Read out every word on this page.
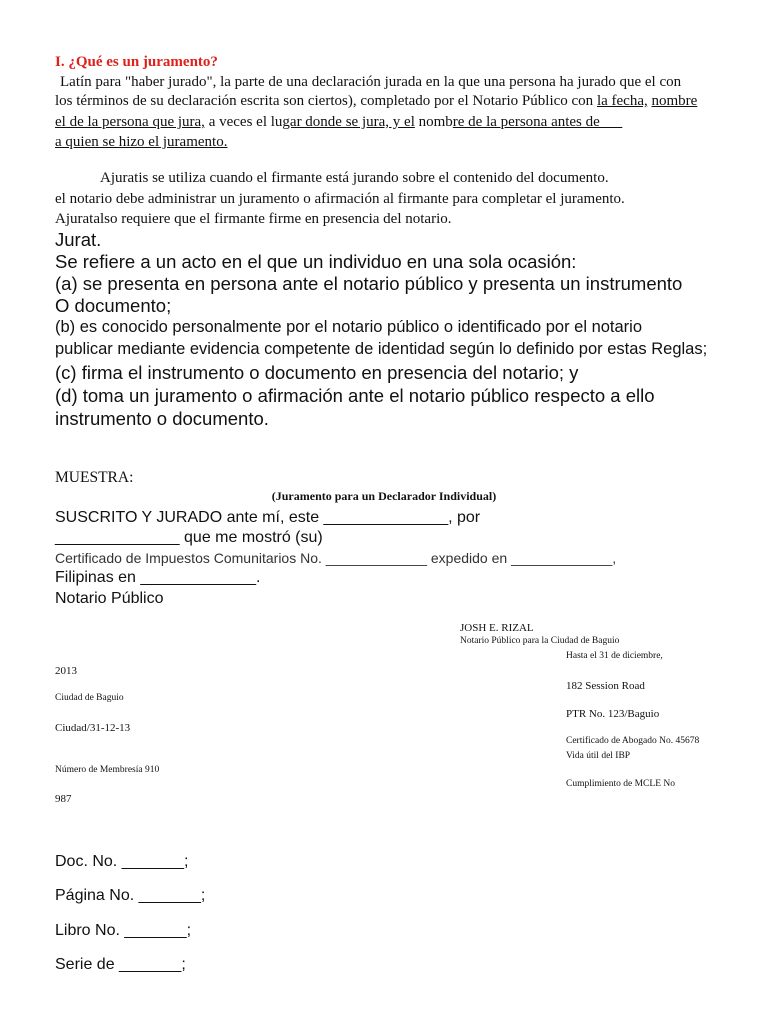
I. ¿Qué es un juramento?
Latín para "haber jurado", la parte de una declaración jurada en la que una persona ha jurado que el con
los términos de su declaración escrita son ciertos), completado por el Notario Público con la fecha, nombre
el de la persona que jura, a veces el lugar donde se jura, y el nombre de la persona antes de
a quien se hizo el juramento.
Ajuratis se utiliza cuando el firmante está jurando sobre el contenido del documento.
el notario debe administrar un juramento o afirmación al firmante para completar el juramento.
Ajuratalso requiere que el firmante firme en presencia del notario.
Jurat.
Se refiere a un acto en el que un individuo en una sola ocasión:
(a) se presenta en persona ante el notario público y presenta un instrumento
O documento;
(b) es conocido personalmente por el notario público o identificado por el notario
publicar mediante evidencia competente de identidad según lo definido por estas Reglas;
(c) firma el instrumento o documento en presencia del notario; y
(d) toma un juramento o afirmación ante el notario público respecto a ello
instrumento o documento.
MUESTRA:
(Juramento para un Declarador Individual)
SUSCRITO Y JURADO ante mí, este ______________, por
______________ que me mostró (su)
Certificado de Impuestos Comunitarios No. _____________ expedido en _____________,
Filipinas en _____________.
Notario Público
JOSH E. RIZAL
Notario Público para la Ciudad de Baguio
Hasta el 31 de diciembre,
182 Session Road
PTR No. 123/Baguio
Certificado de Abogado No. 45678
Vida útil del IBP
Cumplimiento de MCLE No
2013
Ciudad de Baguio
Ciudad/31-12-13
Número de Membresía 910
987
Doc. No. _______;
Página No. _______;
Libro No. _______;
Serie de _______;
